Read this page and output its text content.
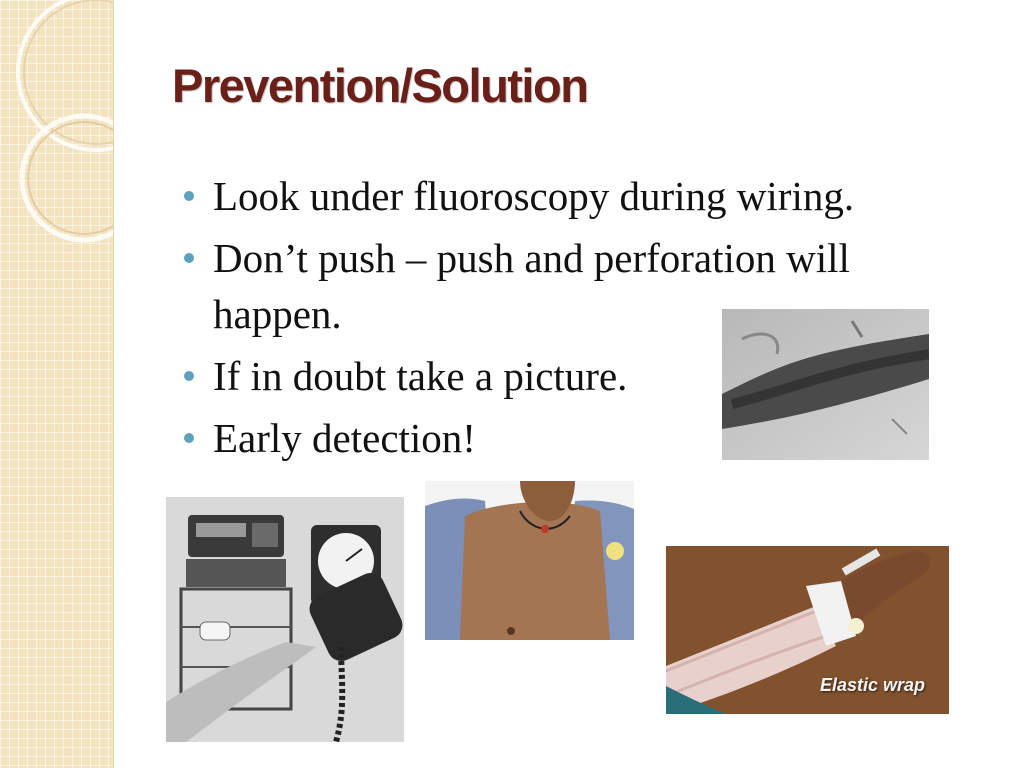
Prevention/Solution
Look under fluoroscopy during wiring.
Don’t push – push and perforation will happen.
If in doubt take a picture.
Early detection!
Elastic wrap
